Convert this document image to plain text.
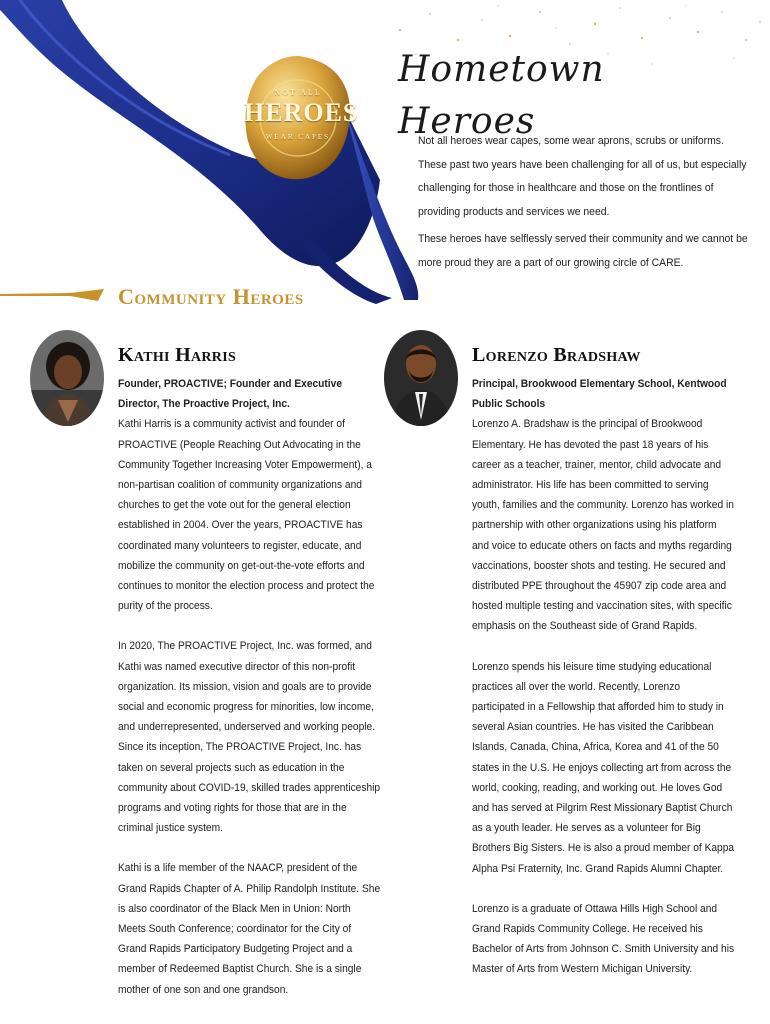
NOT ALL
HEROES
WEAR CAPES
Hometown Heroes
Not all heroes wear capes, some wear aprons, scrubs or uniforms. These past two years have been challenging for all of us, but especially challenging for those in healthcare and those on the frontlines of providing products and services we need.
These heroes have selflessly served their community and we cannot be more proud they are a part of our growing circle of CARE.
Community Heroes
Kathi Harris
Founder, PROACTIVE; Founder and Executive Director, The Proactive Project, Inc.
Kathi Harris is a community activist and founder of PROACTIVE (People Reaching Out Advocating in the Community Together Increasing Voter Empowerment), a non-partisan coalition of community organizations and churches to get the vote out for the general election established in 2004. Over the years, PROACTIVE has coordinated many volunteers to register, educate, and mobilize the community on get-out-the-vote efforts and continues to monitor the election process and protect the purity of the process.
In 2020, The PROACTIVE Project, Inc. was formed, and Kathi was named executive director of this non-profit organization. Its mission, vision and goals are to provide social and economic progress for minorities, low income, and underrepresented, underserved and working people. Since its inception, The PROACTIVE Project, Inc. has taken on several projects such as education in the community about COVID-19, skilled trades apprenticeship programs and voting rights for those that are in the criminal justice system.
Kathi is a life member of the NAACP, president of the Grand Rapids Chapter of A. Philip Randolph Institute. She is also coordinator of the Black Men in Union: North Meets South Conference; coordinator for the City of Grand Rapids Participatory Budgeting Project and a member of Redeemed Baptist Church. She is a single mother of one son and one grandson.
Lorenzo Bradshaw
Principal, Brookwood Elementary School, Kentwood Public Schools
Lorenzo A. Bradshaw is the principal of Brookwood Elementary. He has devoted the past 18 years of his career as a teacher, trainer, mentor, child advocate and administrator. His life has been committed to serving youth, families and the community. Lorenzo has worked in partnership with other organizations using his platform and voice to educate others on facts and myths regarding vaccinations, booster shots and testing. He secured and distributed PPE throughout the 45907 zip code area and hosted multiple testing and vaccination sites, with specific emphasis on the Southeast side of Grand Rapids.
Lorenzo spends his leisure time studying educational practices all over the world. Recently, Lorenzo participated in a Fellowship that afforded him to study in several Asian countries. He has visited the Caribbean Islands, Canada, China, Africa, Korea and 41 of the 50 states in the U.S. He enjoys collecting art from across the world, cooking, reading, and working out. He loves God and has served at Pilgrim Rest Missionary Baptist Church as a youth leader. He serves as a volunteer for Big Brothers Big Sisters. He is also a proud member of Kappa Alpha Psi Fraternity, Inc. Grand Rapids Alumni Chapter.
Lorenzo is a graduate of Ottawa Hills High School and Grand Rapids Community College. He received his Bachelor of Arts from Johnson C. Smith University and his Master of Arts from Western Michigan University.
